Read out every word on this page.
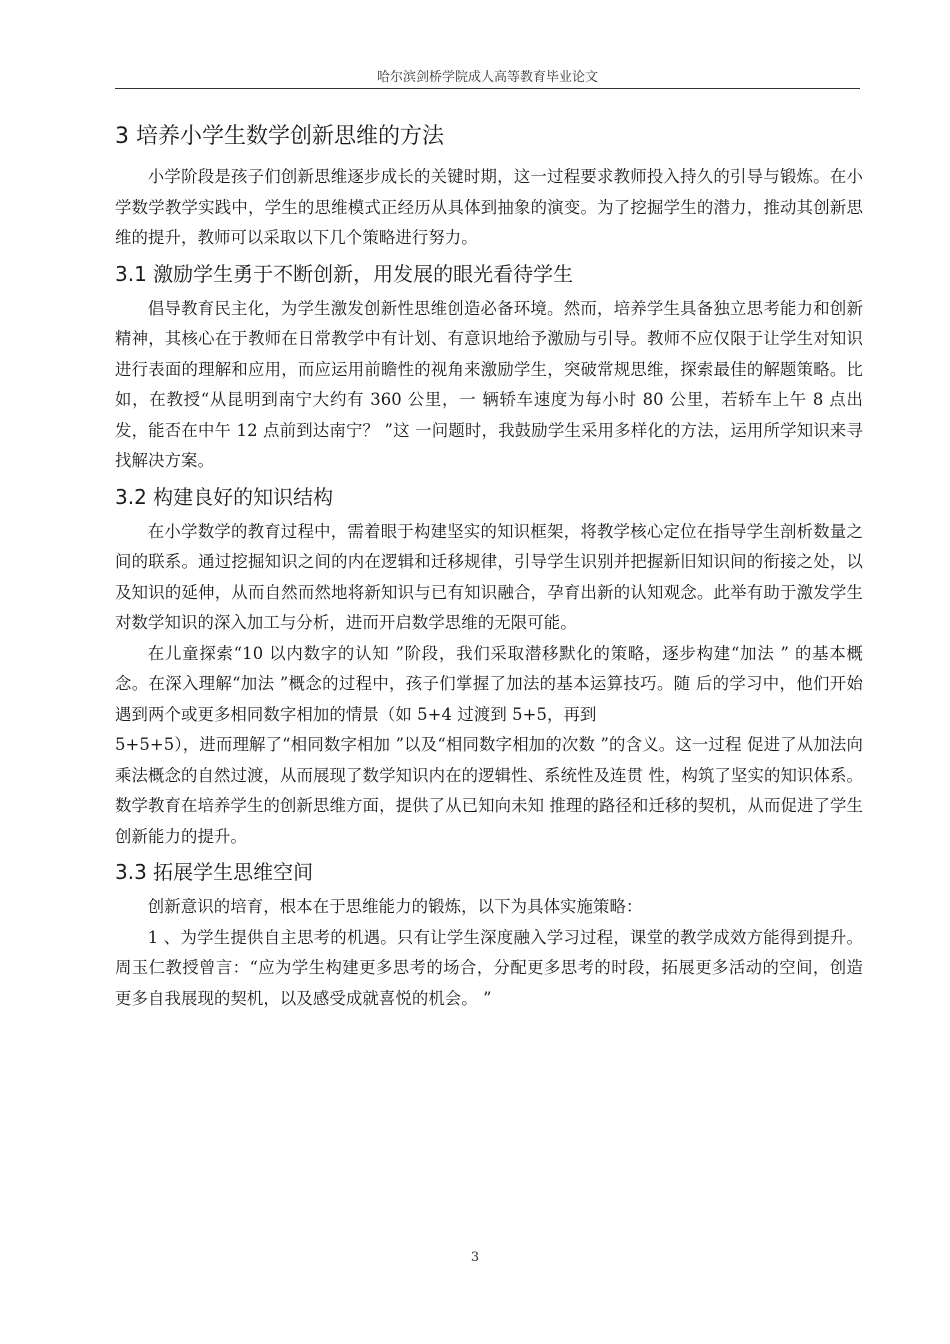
哈尔滨剑桥学院成人高等教育毕业论文
3 培养小学生数学创新思维的方法

小学阶段是孩子们创新思维逐步成长的关键时期，这一过程要求教师投入持久的引导与锻炼。在小学数学教学实践中，学生的思维模式正经历从具体到抽象的演变。为了挖掘学生的潜力，推动其创新思维的提升，教师可以采取以下几个策略进行努力。

3.1 激励学生勇于不断创新，用发展的眼光看待学生

倡导教育民主化，为学生激发创新性思维创造必备环境。然而，培养学生具备独立思考能力和创新精神，其核心在于教师在日常教学中有计划、有意识地给予激励与引导。教师不应仅限于让学生对知识进行表面的理解和应用，而应运用前瞻性的视角来激励学生，突破常规思维，探索最佳的解题策略。比如，在教授“从昆明到南宁大约有 360 公里，一 辆轿车速度为每小时 80 公里，若轿车上午 8 点出发，能否在中午 12 点前到达南宁？ ”这 一问题时，我鼓励学生采用多样化的方法，运用所学知识来寻找解决方案。

3.2 构建良好的知识结构

在小学数学的教育过程中，需着眼于构建坚实的知识框架，将教学核心定位在指导学生剖析数量之间的联系。通过挖掘知识之间的内在逻辑和迁移规律，引导学生识别并把握新旧知识间的衔接之处，以及知识的延伸，从而自然而然地将新知识与已有知识融合，孕育出新的认知观念。此举有助于激发学生对数学知识的深入加工与分析，进而开启数学思维的无限可能。

在儿童探索“10 以内数字的认知 ”阶段，我们采取潜移默化的策略，逐步构建“加法 ” 的基本概念。在深入理解“加法 ”概念的过程中，孩子们掌握了加法的基本运算技巧。随 后的学习中，他们开始遇到两个或更多相同数字相加的情景（如 5+4 过渡到 5+5，再到

5+5+5），进而理解了“相同数字相加 ”以及“相同数字相加的次数 ”的含义。这一过程 促进了从加法向乘法概念的自然过渡，从而展现了数学知识内在的逻辑性、系统性及连贯 性，构筑了坚实的知识体系。数学教育在培养学生的创新思维方面，提供了从已知向未知 推理的路径和迁移的契机，从而促进了学生创新能力的提升。

3.3 拓展学生思维空间

创新意识的培育，根本在于思维能力的锻炼，以下为具体实施策略：

1 、为学生提供自主思考的机遇。只有让学生深度融入学习过程，课堂的教学成效方能得到提升。周玉仁教授曾言：“应为学生构建更多思考的场合，分配更多思考的时段，拓展更多活动的空间，创造更多自我展现的契机，以及感受成就喜悦的机会。 ”

3
